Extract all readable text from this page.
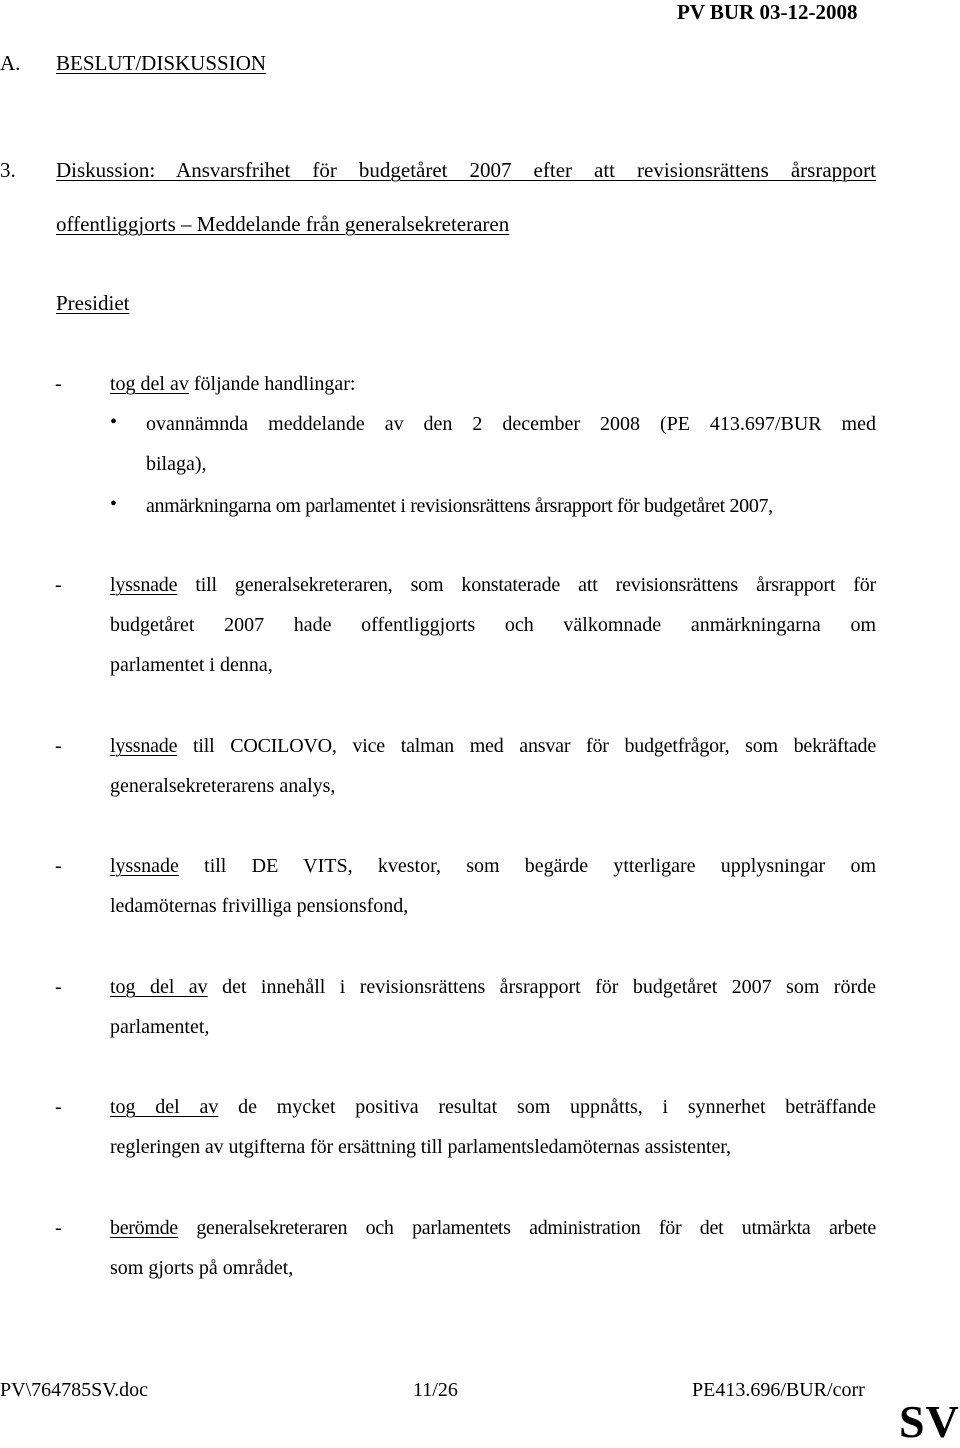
PV BUR 03-12-2008
A. BESLUT/DISKUSSION
3. Diskussion: Ansvarsfrihet för budgetåret 2007 efter att revisionsrättens årsrapport
offentliggjorts – Meddelande från generalsekreteraren
Presidiet
- tog del av följande handlingar:
• ovannämnda meddelande av den 2 december 2008 (PE 413.697/BUR med
bilaga),
• anmärkningarna om parlamentet i revisionsrättens årsrapport för budgetåret 2007,
- lyssnade till generalsekreteraren, som konstaterade att revisionsrättens årsrapport för
budgetåret 2007 hade offentliggjorts och välkomnade anmärkningarna om
parlamentet i denna,
- lyssnade till COCILOVO, vice talman med ansvar för budgetfrågor, som bekräftade
generalsekreterarens analys,
- lyssnade till DE VITS, kvestor, som begärde ytterligare upplysningar om
ledamöternas frivilliga pensionsfond,
- tog del av det innehåll i revisionsrättens årsrapport för budgetåret 2007 som rörde
parlamentet,
- tog del av de mycket positiva resultat som uppnåtts, i synnerhet beträffande
regleringen av utgifterna för ersättning till parlamentsledamöternas assistenter,
- berömde generalsekreteraren och parlamentets administration för det utmärkta arbete
som gjorts på området,
PV\764785SV.doc	11/26	PE413.696/BUR/corr
SV
